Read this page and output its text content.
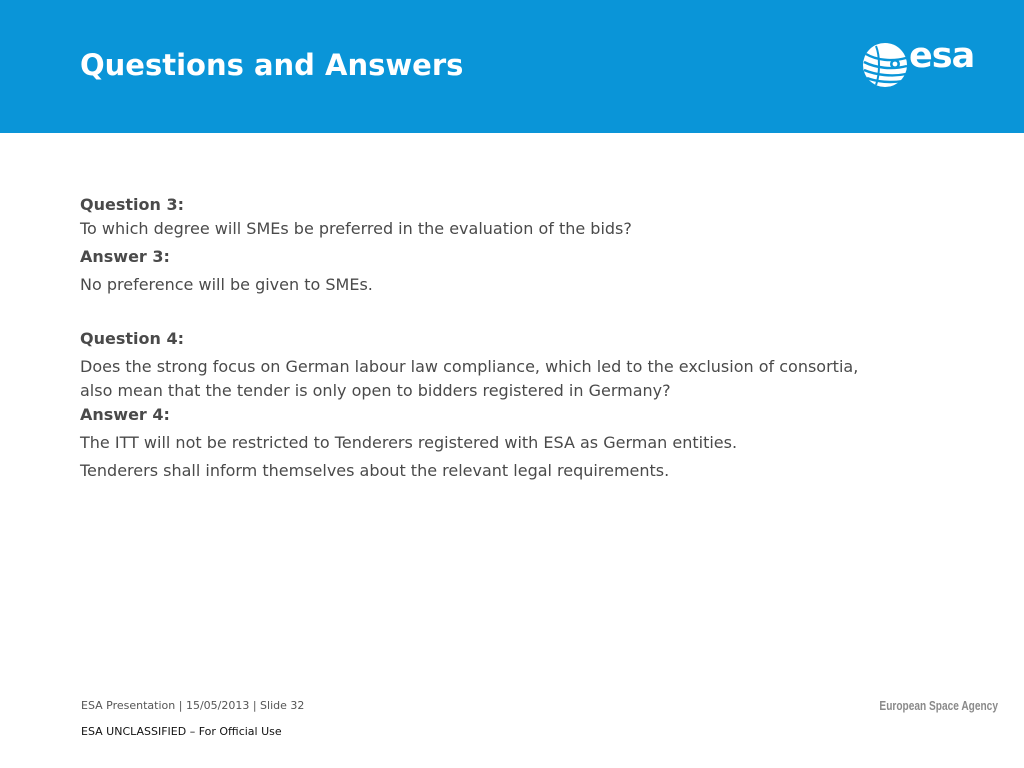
Questions and Answers	esa
Question 3:
To which degree will SMEs be preferred in the evaluation of the bids?
Answer 3:
No preference will be given to SMEs.
Question 4:
Does the strong focus on German labour law compliance, which led to the exclusion of consortia,
also mean that the tender is only open to bidders registered in Germany?
Answer 4:
The ITT will not be restricted to Tenderers registered with ESA as German entities.
Tenderers shall inform themselves about the relevant legal requirements.
ESA Presentation | 15/05/2013 | Slide 32
ESA UNCLASSIFIED – For Official Use
European Space Agency
